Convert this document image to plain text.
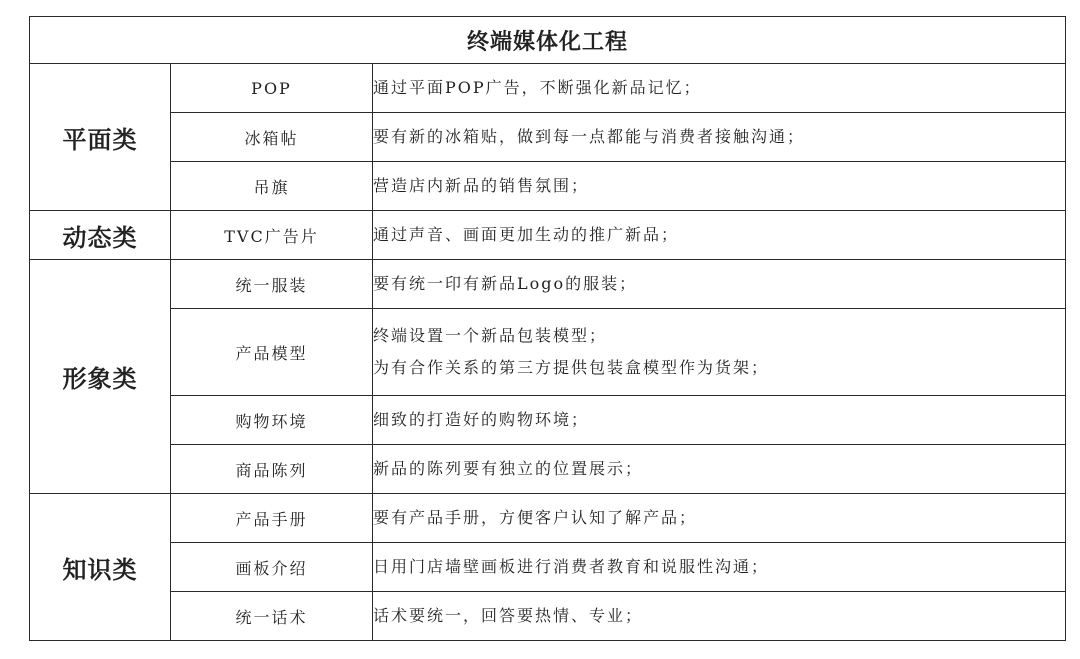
终端媒体化工程		
平面类	POP	通过平面POP广告，不断强化新品记忆；

	冰箱帖	要有新的冰箱贴，做到每一点都能与消费者接触沟通；

	吊旗	营造店内新品的销售氛围；

动态类	TVC广告片	通过声音、画面更加生动的推广新品；

形象类	统一服装	要有统一印有新品Logo的服装；

	产品模型	终端设置一个新品包装模型；
为有合作关系的第三方提供包装盒模型作为货架；

	购物环境	细致的打造好的购物环境；

	商品陈列	新品的陈列要有独立的位置展示；

知识类	产品手册	要有产品手册，方便客户认知了解产品；

	画板介绍	日用门店墙壁画板进行消费者教育和说服性沟通；

	统一话术	话术要统一，回答要热情、专业；
